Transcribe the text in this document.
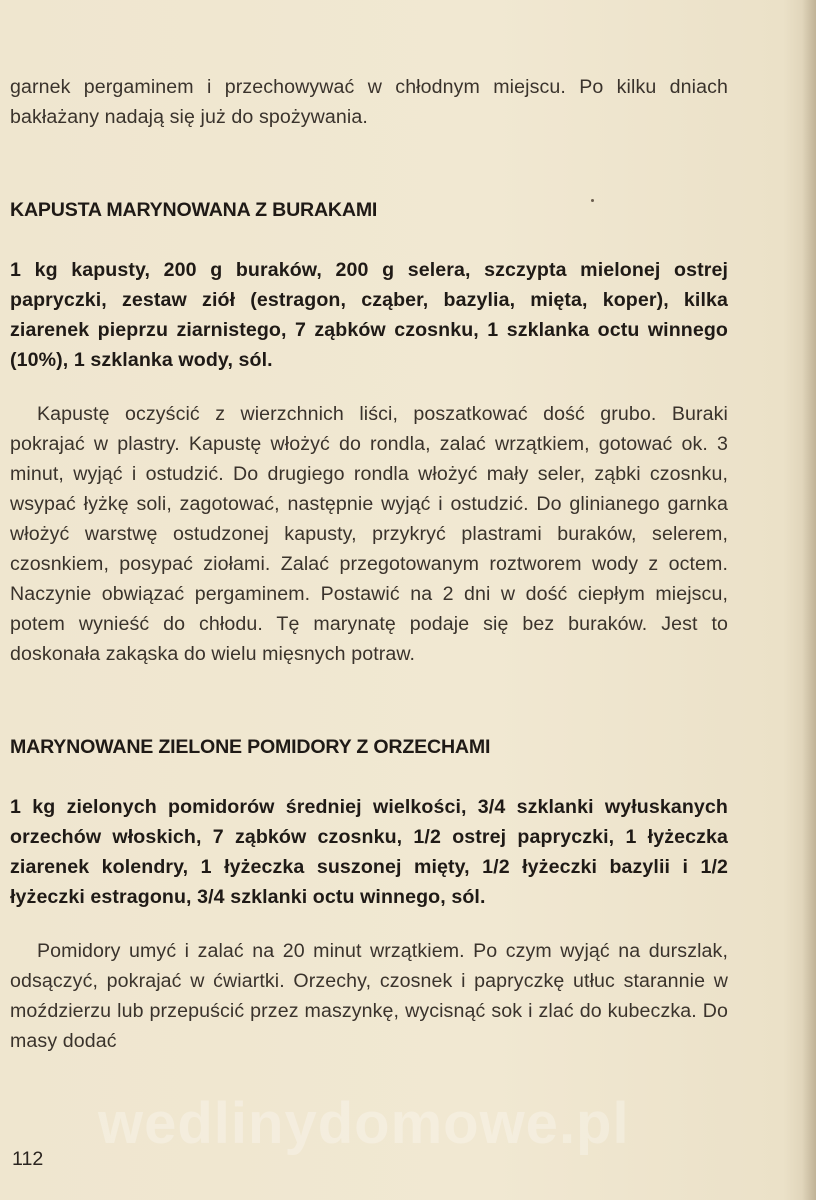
garnek pergaminem i przechowywać w chłodnym miejscu. Po kilku dniach bakłażany nadają się już do spożywania.

KAPUSTA MARYNOWANA Z BURAKAMI

1 kg kapusty, 200 g buraków, 200 g selera, szczypta mielonej ostrej papryczki, zestaw ziół (estragon, cząber, bazylia, mięta, koper), kilka ziarenek pieprzu ziarnistego, 7 ząbków czosnku, 1 szklanka octu winnego (10%), 1 szklanka wody, sól.

Kapustę oczyścić z wierzchnich liści, poszatkować dość grubo. Buraki pokrajać w plastry. Kapustę włożyć do rondla, zalać wrzątkiem, gotować ok. 3 minut, wyjąć i ostudzić. Do drugiego rondla włożyć mały seler, ząbki czosnku, wsypać łyżkę soli, zagotować, następnie wyjąć i ostudzić. Do glinianego garnka włożyć warstwę ostudzonej kapusty, przykryć plastrami buraków, selerem, czosnkiem, posypać ziołami. Zalać przegotowanym roztworem wody z octem. Naczynie obwiązać pergaminem. Postawić na 2 dni w dość ciepłym miejscu, potem wynieść do chłodu. Tę marynatę podaje się bez buraków. Jest to doskonała zakąska do wielu mięsnych potraw.

MARYNOWANE ZIELONE POMIDORY Z ORZECHAMI

1 kg zielonych pomidorów średniej wielkości, 3/4 szklanki wyłuskanych orzechów włoskich, 7 ząbków czosnku, 1/2 ostrej papryczki, 1 łyżeczka ziarenek kolendry, 1 łyżeczka suszonej mięty, 1/2 łyżeczki bazylii i 1/2 łyżeczki estragonu, 3/4 szklanki octu winnego, sól.

Pomidory umyć i zalać na 20 minut wrzątkiem. Po czym wyjąć na durszlak, odsączyć, pokrajać w ćwiartki. Orzechy, czosnek i papryczkę utłuc starannie w moździerzu lub przepuścić przez maszynkę, wycisnąć sok i zlać do kubeczka. Do masy dodać

wedlinydomowe.pl
112
